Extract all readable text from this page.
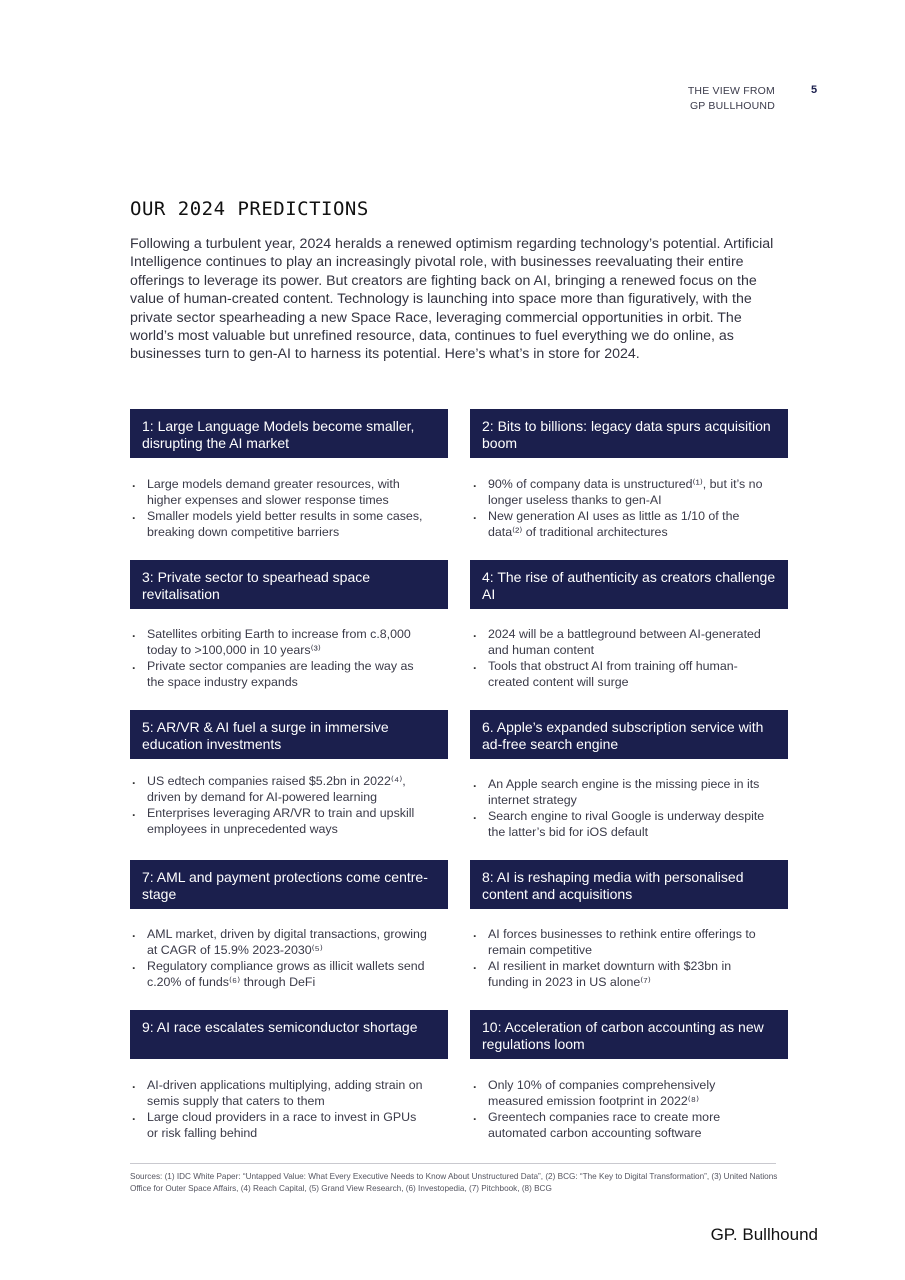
THE VIEW FROM
GP BULLHOUND
5
OUR 2024 PREDICTIONS

Following a turbulent year, 2024 heralds a renewed optimism regarding technology’s potential. Artificial Intelligence continues to play an increasingly pivotal role, with businesses reevaluating their entire offerings to leverage its power. But creators are fighting back on AI, bringing a renewed focus on the value of human-created content. Technology is launching into space more than figuratively, with the private sector spearheading a new Space Race, leveraging commercial opportunities in orbit. The world’s most valuable but unrefined resource, data, continues to fuel everything we do online, as businesses turn to gen-AI to harness its potential. Here’s what’s in store for 2024.

1: Large Language Models become smaller, disrupting the AI market
. Large models demand greater resources, with higher expenses and slower response times
. Smaller models yield better results in some cases, breaking down competitive barriers
2: Bits to billions: legacy data spurs acquisition boom
. 90% of company data is unstructured⁽¹⁾, but it’s no longer useless thanks to gen-AI
. New generation AI uses as little as 1/10 of the data⁽²⁾ of traditional architectures
3: Private sector to spearhead space revitalisation
. Satellites orbiting Earth to increase from c.8,000 today to >100,000 in 10 years⁽³⁾
. Private sector companies are leading the way as the space industry expands
4: The rise of authenticity as creators challenge AI
. 2024 will be a battleground between AI-generated and human content
. Tools that obstruct AI from training off human-created content will surge
5: AR/VR & AI fuel a surge in immersive education investments
. US edtech companies raised $5.2bn in 2022⁽⁴⁾, driven by demand for AI-powered learning
. Enterprises leveraging AR/VR to train and upskill employees in unprecedented ways
6. Apple’s expanded subscription service with ad-free search engine
. An Apple search engine is the missing piece in its internet strategy
. Search engine to rival Google is underway despite the latter’s bid for iOS default
7: AML and payment protections come centre-stage
. AML market, driven by digital transactions, growing at CAGR of 15.9% 2023-2030⁽⁵⁾
. Regulatory compliance grows as illicit wallets send c.20% of funds⁽⁶⁾ through DeFi
8: AI is reshaping media with personalised content and acquisitions
. AI forces businesses to rethink entire offerings to remain competitive
. AI resilient in market downturn with $23bn in funding in 2023 in US alone⁽⁷⁾
9: AI race escalates semiconductor shortage
. AI-driven applications multiplying, adding strain on semis supply that caters to them
. Large cloud providers in a race to invest in GPUs or risk falling behind
10: Acceleration of carbon accounting as new regulations loom
. Only 10% of companies comprehensively measured emission footprint in 2022⁽⁸⁾
. Greentech companies race to create more automated carbon accounting software

Sources: (1) IDC White Paper: “Untapped Value: What Every Executive Needs to Know About Unstructured Data”, (2) BCG: “The Key to Digital Transformation”, (3) United Nations Office for Outer Space Affairs, (4) Reach Capital, (5) Grand View Research, (6) Investopedia, (7) Pitchbook, (8) BCG

GP. Bullhound
